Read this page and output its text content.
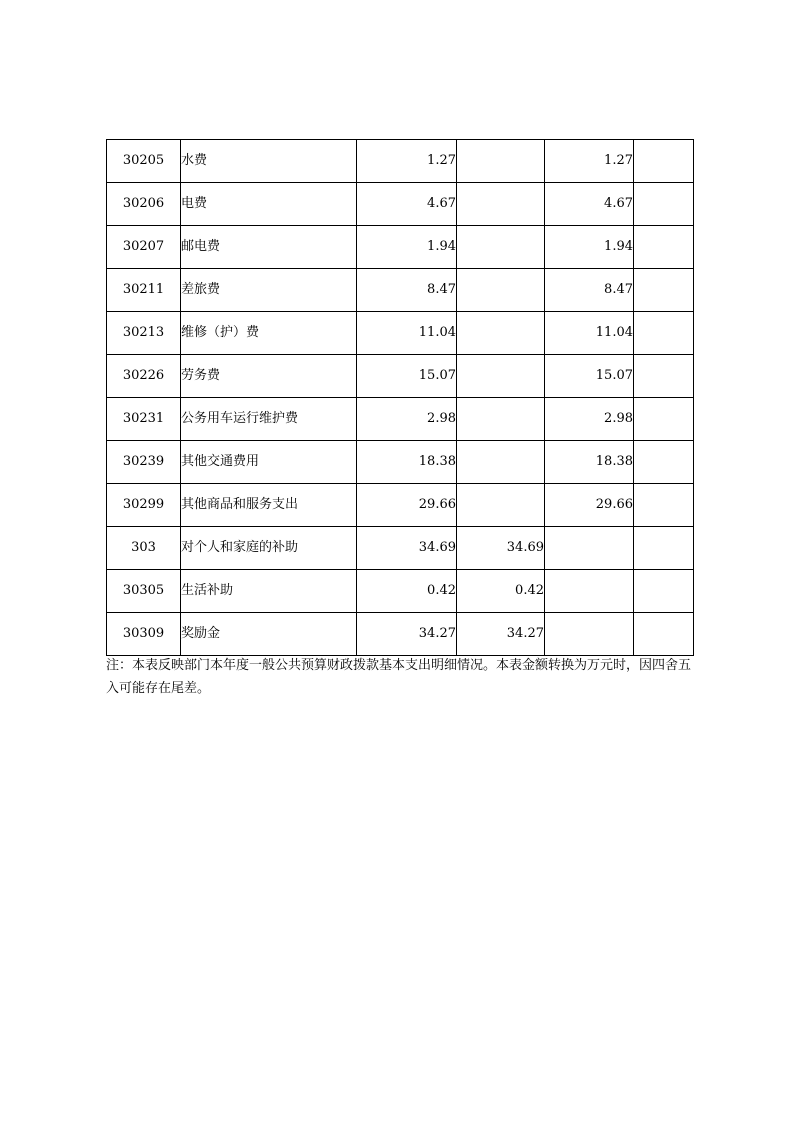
30205	水费	1.27		1.27	
30206	电费	4.67		4.67	
30207	邮电费	1.94		1.94	
30211	差旅费	8.47		8.47	
30213	维修（护）费	11.04		11.04	
30226	劳务费	15.07		15.07	
30231	公务用车运行维护费	2.98		2.98	
30239	其他交通费用	18.38		18.38	
30299	其他商品和服务支出	29.66		29.66	
303	对个人和家庭的补助	34.69	34.69		
30305	生活补助	0.42	0.42		
30309	奖励金	34.27	34.27		

注：本表反映部门本年度一般公共预算财政拨款基本支出明细情况。本表金额转换为万元时，因四舍五入可能存在尾差。
